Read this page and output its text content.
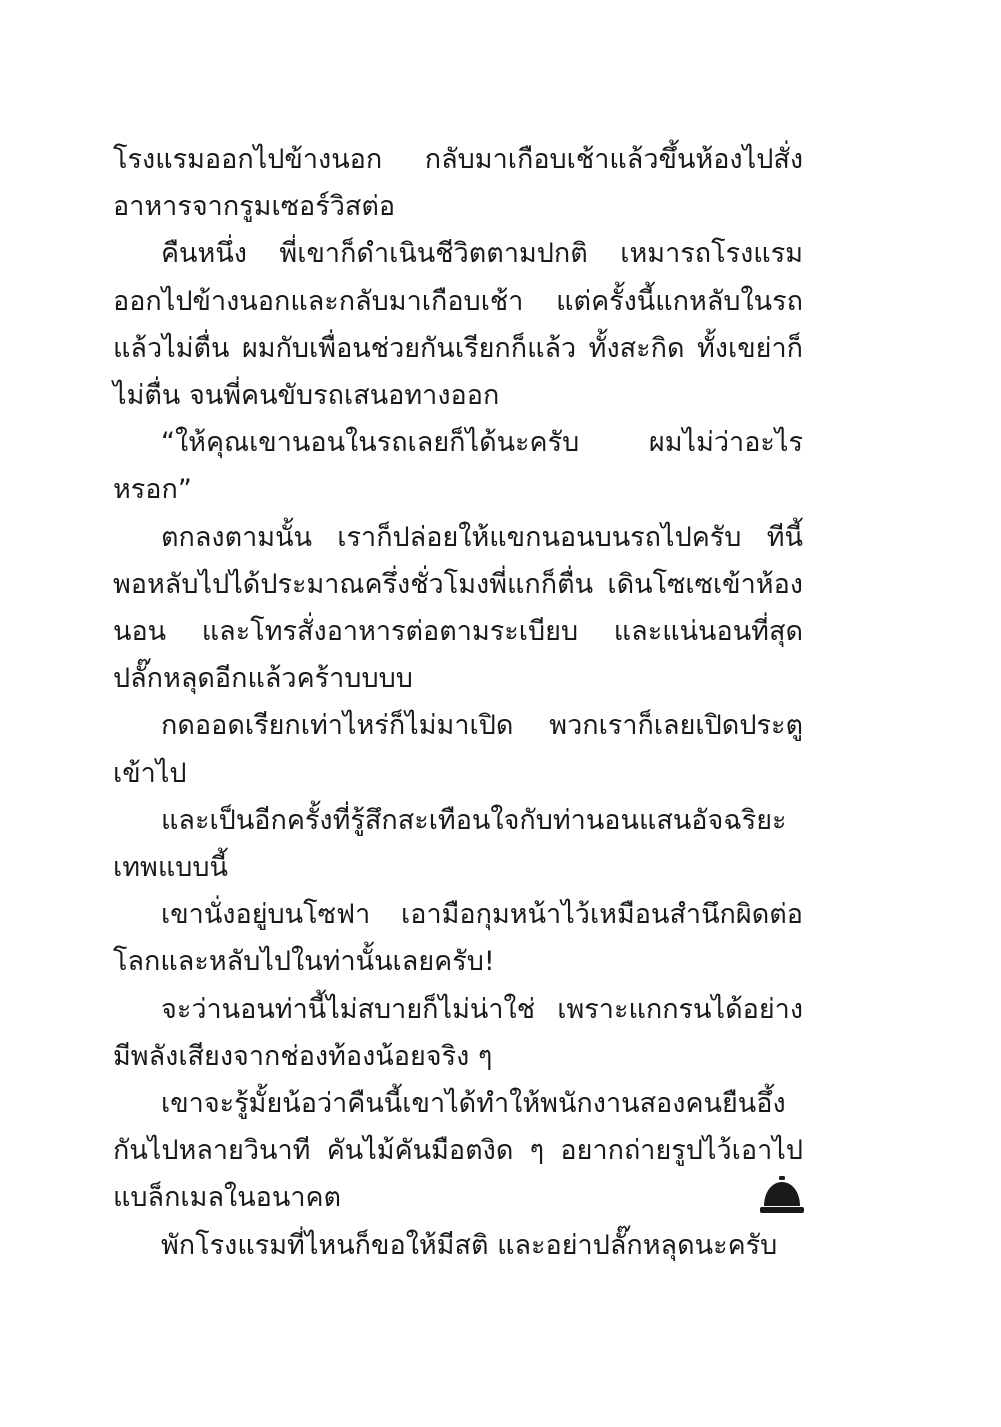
โรงแรมออกไปข้างนอก กลับมาเกือบเช้าแล้วขึ้นห้องไปสั่งอาหารจากรูมเซอร์วิสต่อ

คืนหนึ่ง พี่เขาก็ดำเนินชีวิตตามปกติ เหมารถโรงแรมออกไปข้างนอกและกลับมาเกือบเช้า แต่ครั้งนี้แกหลับในรถแล้วไม่ตื่น ผมกับเพื่อนช่วยกันเรียกก็แล้ว ทั้งสะกิด ทั้งเขย่าก็ไม่ตื่น จนพี่คนขับรถเสนอทางออก

“ให้คุณเขานอนในรถเลยก็ได้นะครับ ผมไม่ว่าอะไรหรอก”

ตกลงตามนั้น เราก็ปล่อยให้แขกนอนบนรถไปครับ ทีนี้พอหลับไปได้ประมาณครึ่งชั่วโมงพี่แกก็ตื่น เดินโซเซเข้าห้องนอน และโทรสั่งอาหารต่อตามระเบียบ และแน่นอนที่สุด ปลั๊กหลุดอีกแล้วคร้าบบบบ

กดออดเรียกเท่าไหร่ก็ไม่มาเปิด พวกเราก็เลยเปิดประตูเข้าไป

และเป็นอีกครั้งที่รู้สึกสะเทือนใจกับท่านอนแสนอัจฉริยะเทพแบบนี้

เขานั่งอยู่บนโซฟา เอามือกุมหน้าไว้เหมือนสำนึกผิดต่อโลกและหลับไปในท่านั้นเลยครับ!

จะว่านอนท่านี้ไม่สบายก็ไม่น่าใช่ เพราะแกกรนได้อย่างมีพลังเสียงจากช่องท้องน้อยจริง ๆ

เขาจะรู้มั้ยน้อว่าคืนนี้เขาได้ทำให้พนักงานสองคนยืนอึ้งกันไปหลายวินาที คันไม้คันมือตงิด ๆ อยากถ่ายรูปไว้เอาไปแบล็กเมลในอนาคต

พักโรงแรมที่ไหนก็ขอให้มีสติ และอย่าปลั๊กหลุดนะครับ
